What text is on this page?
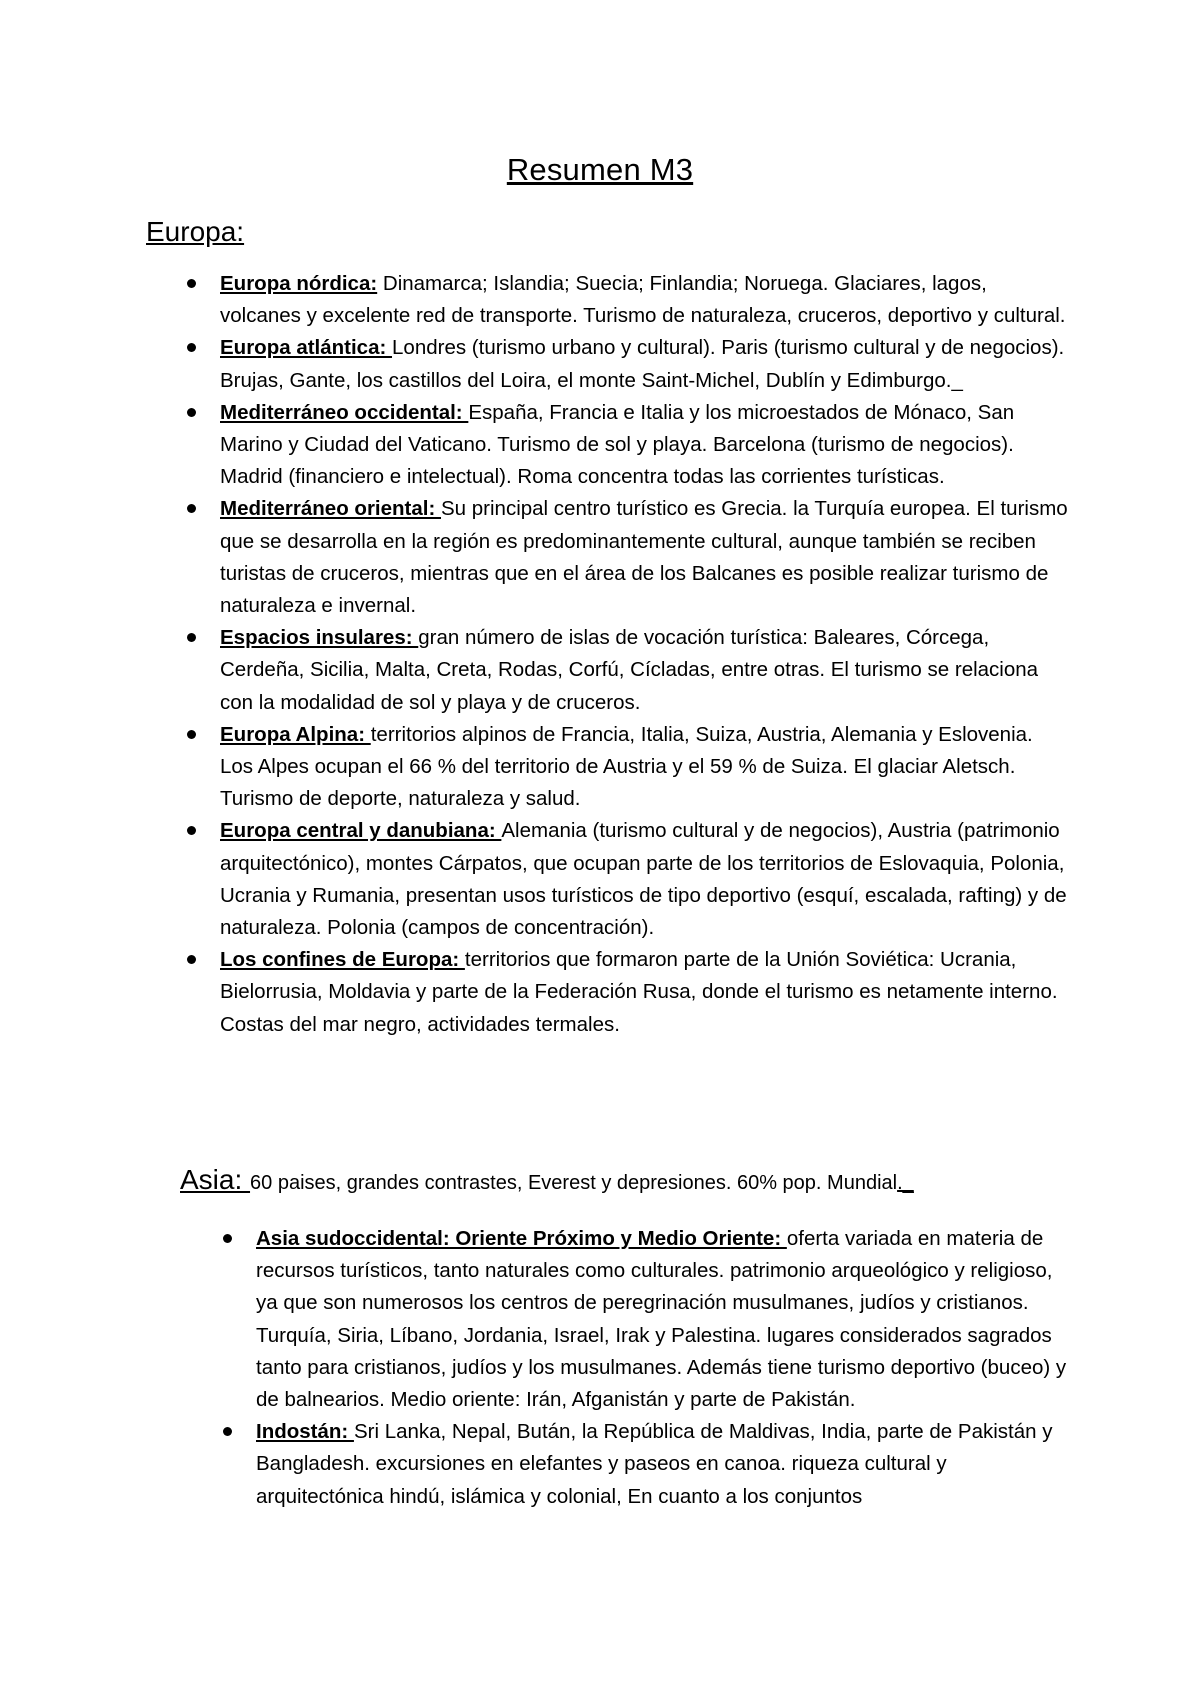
Resumen M3
Europa:
Europa nórdica: Dinamarca; Islandia; Suecia; Finlandia; Noruega. Glaciares, lagos, volcanes y excelente red de transporte. Turismo de naturaleza, cruceros, deportivo y cultural.
Europa atlántica: Londres (turismo urbano y cultural). Paris (turismo cultural y de negocios). Brujas, Gante, los castillos del Loira, el monte Saint-Michel, Dublín y Edimburgo._
Mediterráneo occidental: España, Francia e Italia y los microestados de Mónaco, San Marino y Ciudad del Vaticano. Turismo de sol y playa. Barcelona (turismo de negocios). Madrid (financiero e intelectual). Roma concentra todas las corrientes turísticas.
Mediterráneo oriental: Su principal centro turístico es Grecia. la Turquía europea. El turismo que se desarrolla en la región es predominantemente cultural, aunque también se reciben turistas de cruceros, mientras que en el área de los Balcanes es posible realizar turismo de naturaleza e invernal.
Espacios insulares: gran número de islas de vocación turística: Baleares, Córcega, Cerdeña, Sicilia, Malta, Creta, Rodas, Corfú, Cícladas, entre otras. El turismo se relaciona con la modalidad de sol y playa y de cruceros.
Europa Alpina: territorios alpinos de Francia, Italia, Suiza, Austria, Alemania y Eslovenia. Los Alpes ocupan el 66 % del territorio de Austria y el 59 % de Suiza. El glaciar Aletsch. Turismo de deporte, naturaleza y salud.
Europa central y danubiana: Alemania (turismo cultural y de negocios), Austria (patrimonio arquitectónico), montes Cárpatos, que ocupan parte de los territorios de Eslovaquia, Polonia, Ucrania y Rumania, presentan usos turísticos de tipo deportivo (esquí, escalada, rafting) y de naturaleza. Polonia (campos de concentración).
Los confines de Europa: territorios que formaron parte de la Unión Soviética: Ucrania, Bielorrusia, Moldavia y parte de la Federación Rusa, donde el turismo es netamente interno. Costas del mar negro, actividades termales.
Asia: 60 paises, grandes contrastes, Everest y depresiones. 60% pop. Mundial._
Asia sudoccidental: Oriente Próximo y Medio Oriente: oferta variada en materia de recursos turísticos, tanto naturales como culturales. patrimonio arqueológico y religioso, ya que son numerosos los centros de peregrinación musulmanes, judíos y cristianos. Turquía, Siria, Líbano, Jordania, Israel, Irak y Palestina. lugares considerados sagrados tanto para cristianos, judíos y los musulmanes. Además tiene turismo deportivo (buceo) y de balnearios. Medio oriente: Irán, Afganistán y parte de Pakistán.
Indostán: Sri Lanka, Nepal, Bután, la República de Maldivas, India, parte de Pakistán y Bangladesh. excursiones en elefantes y paseos en canoa. riqueza cultural y arquitectónica hindú, islámica y colonial, En cuanto a los conjuntos
